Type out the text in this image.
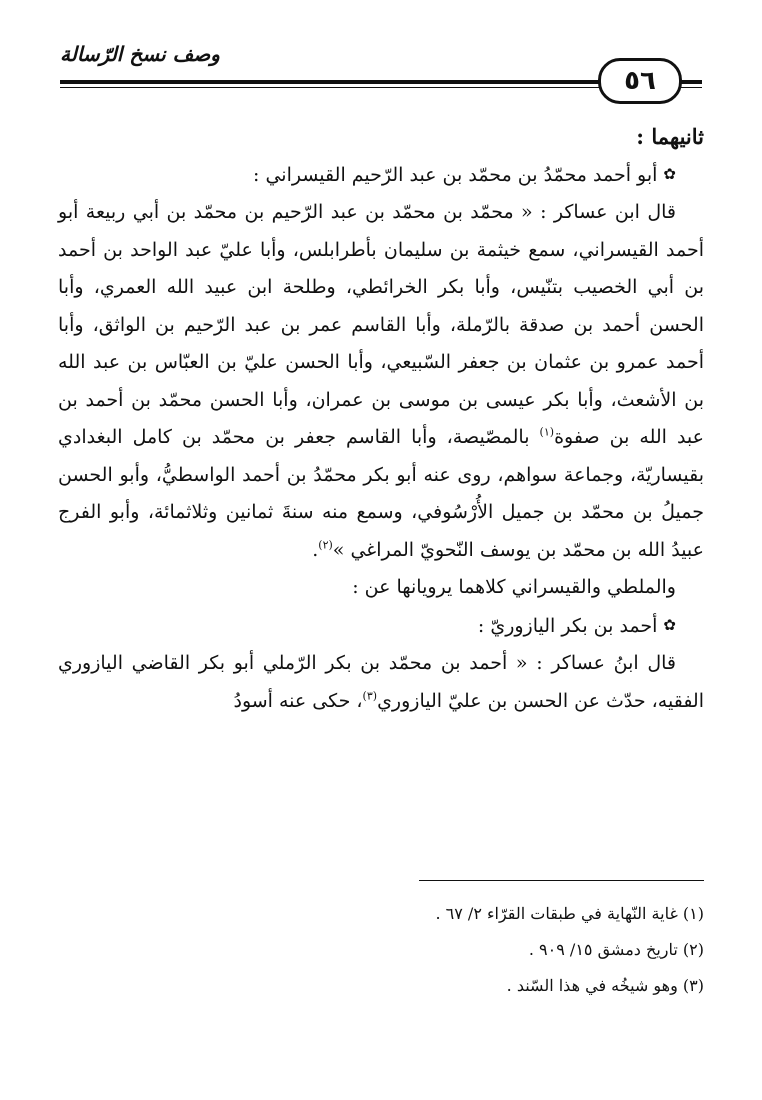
وصف نسخ الرّسالة
٥٦

ثانيهما :

✿أبو أحمد محمّدُ بن محمّد بن عبد الرّحيم القيسراني :

قال ابن عساكر : « محمّد بن محمّد بن عبد الرّحيم بن محمّد بن أبي ربيعة أبو أحمد القيسراني، سمع خيثمة بن سليمان بأطرابلس، وأبا عليّ عبد الواحد بن أحمد بن أبي الخصيب بتنّيس، وأبا بكر الخرائطي، وطلحة ابن عبيد الله العمري، وأبا الحسن أحمد بن صدقة بالرّملة، وأبا القاسم عمر بن عبد الرّحيم بن الواثق، وأبا أحمد عمرو بن عثمان بن جعفر السّبيعي، وأبا الحسن عليّ بن العبّاس بن عبد الله بن الأشعث، وأبا بكر عيسى بن موسى بن عمران، وأبا الحسن محمّد بن أحمد بن عبد الله بن صفوة$^{(١)}$ بالمصّيصة، وأبا القاسم جعفر بن محمّد بن كامل البغدادي بقيساريّة، وجماعة سواهم، روى عنه أبو بكر محمّدُ بن أحمد الواسطيُّ، وأبو الحسن جميلُ بن محمّد بن جميل الأُرْسُوفي، وسمع منه سنةَ ثمانين وثلاثمائة، وأبو الفرج عبيدُ الله بن محمّد بن يوسف النّحويّ المراغي »$^{(٢)}$.

والملطي والقيسراني كلاهما يرويانها عن :

✿أحمد بن بكر اليازوريّ :

قال ابنُ عساكر : « أحمد بن محمّد بن بكر الرّملي أبو بكر القاضي اليازوري الفقيه، حدّث عن الحسن بن عليّ اليازوري$^{(٣)}$، حكى عنه أسودُ

(١) غاية النّهاية في طبقات القرّاء ٢/ ٦٧ .

(٢) تاريخ دمشق ١٥/ ٩٠٩ .

(٣) وهو شيخُه في هذا السّند .
